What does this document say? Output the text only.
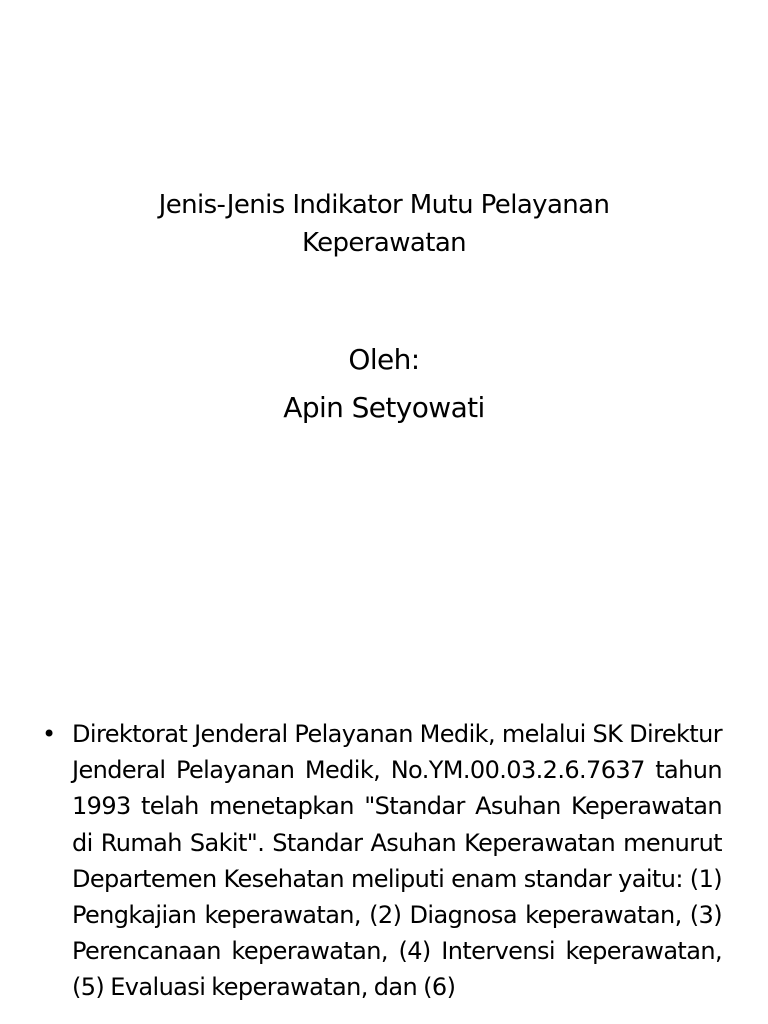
Jenis-Jenis Indikator Mutu Pelayanan
Keperawatan
Oleh:
Apin Setyowati
• Direktorat Jenderal Pelayanan Medik, melalui SK Direktur Jenderal Pelayanan Medik, No.YM.00.03.2.6.7637 tahun 1993 telah menetapkan "Standar Asuhan Keperawatan di Rumah Sakit". Standar Asuhan Keperawatan menurut Departemen Kesehatan meliputi enam standar yaitu: (1) Pengkajian keperawatan, (2) Diagnosa keperawatan, (3) Perencanaan keperawatan, (4) Intervensi keperawatan, (5) Evaluasi keperawatan, dan (6)
